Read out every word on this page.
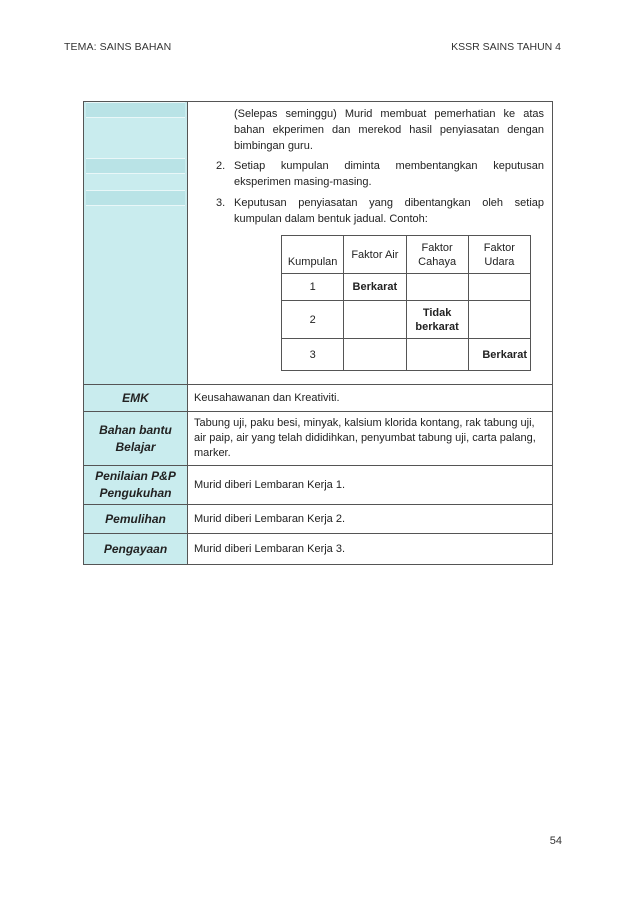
TEMA: SAINS BAHAN	KSSR SAINS TAHUN 4

(Selepas seminggu) Murid membuat pemerhatian ke atas bahan ekperimen dan merekod hasil penyiasatan dengan bimbingan guru.
2. Setiap kumpulan diminta membentangkan keputusan eksperimen masing-masing.
3. Keputusan penyiasatan yang dibentangkan oleh setiap kumpulan dalam bentuk jadual. Contoh:
Kumpulan	Faktor Air	Faktor Cahaya	Faktor Udara
1	Berkarat		
2		Tidak berkarat	
3			Berkarat

EMK	Keusahawanan dan Kreativiti.
Bahan bantu Belajar	Tabung uji, paku besi, minyak, kalsium klorida kontang, rak tabung uji, air paip, air yang telah dididihkan, penyumbat tabung uji, carta palang, marker.
Penilaian P&P Pengukuhan	Murid diberi Lembaran Kerja 1.
Pemulihan	Murid diberi Lembaran Kerja 2.
Pengayaan	Murid diberi Lembaran Kerja 3.
54
